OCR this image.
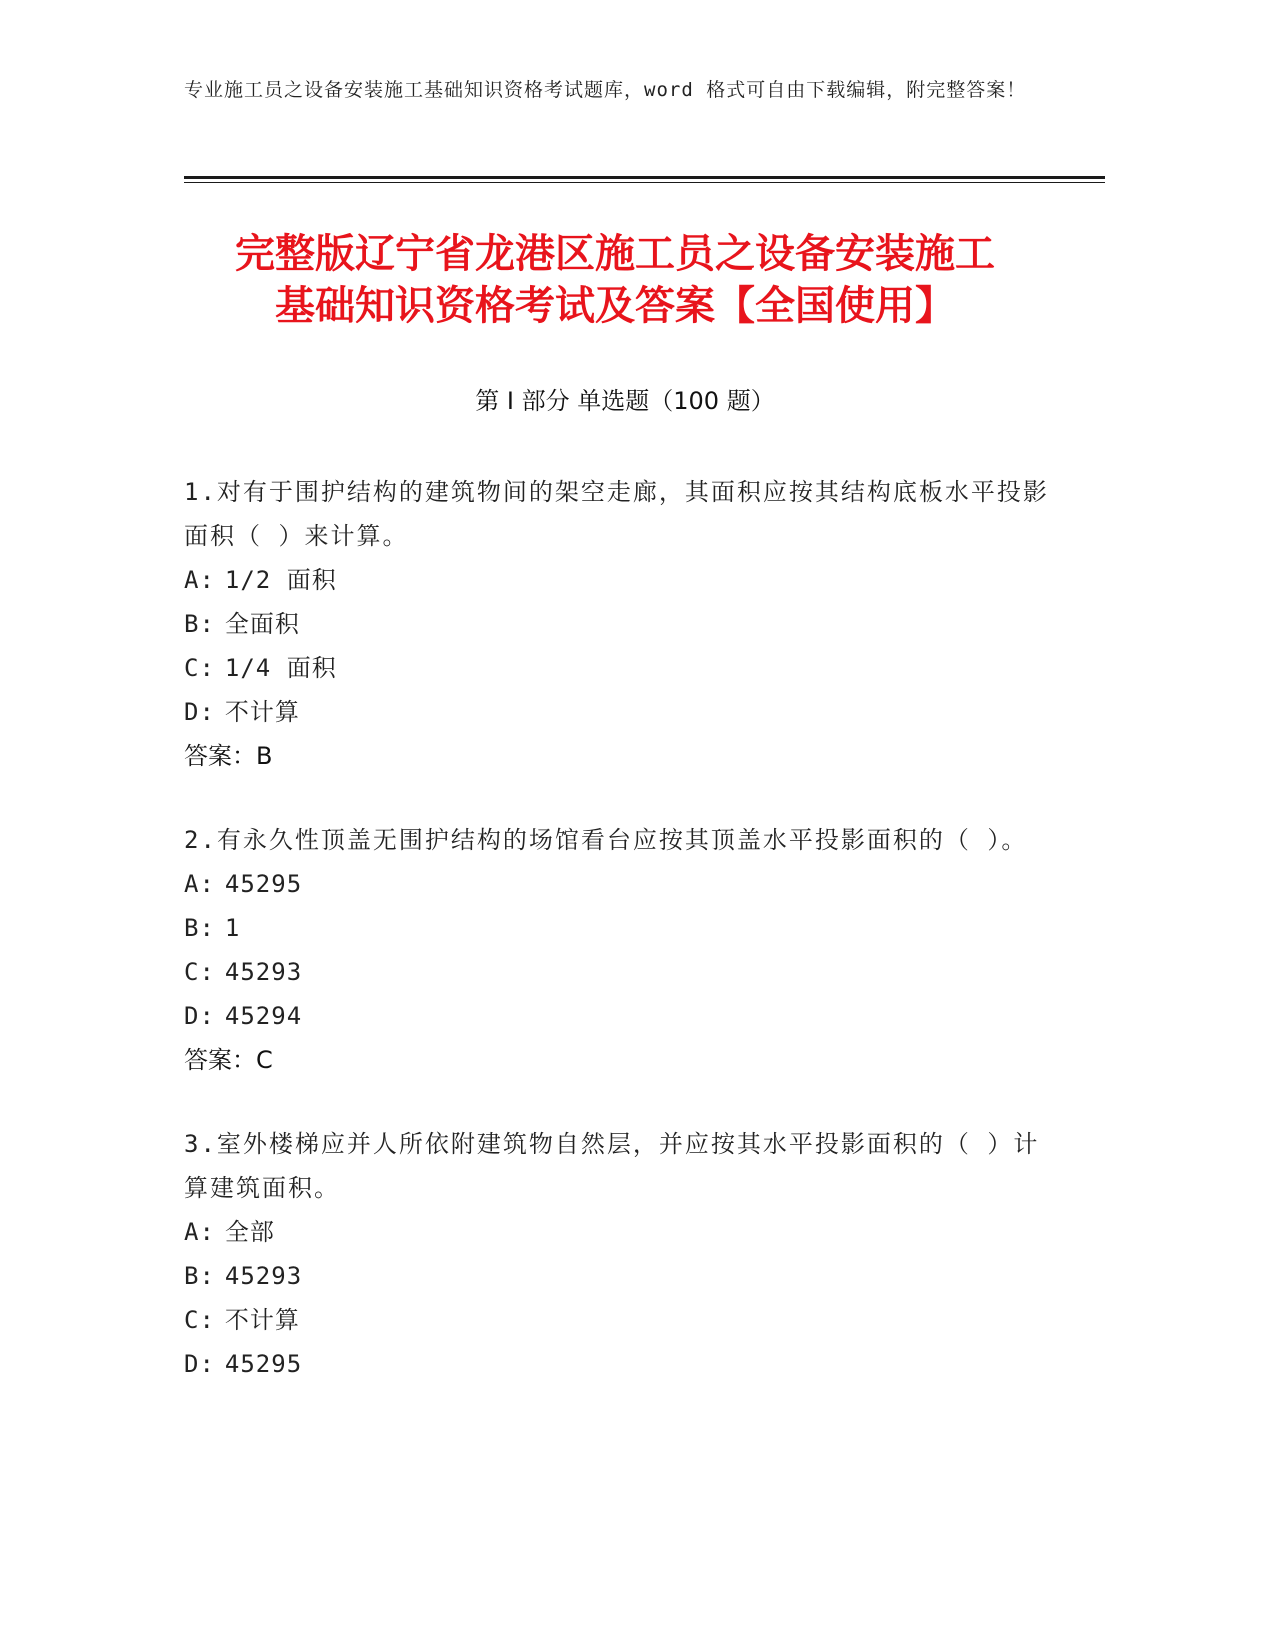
专业施工员之设备安装施工基础知识资格考试题库，word 格式可自由下载编辑，附完整答案！
完整版辽宁省龙港区施工员之设备安装施工
基础知识资格考试及答案【全国使用】
第 I 部分 单选题（100 题）
1.对有于围护结构的建筑物间的架空走廊，其面积应按其结构底板水平投影面积（ ）来计算。
A: 1/2 面积
B: 全面积
C: 1/4 面积
D: 不计算
答案：B
2.有永久性顶盖无围护结构的场馆看台应按其顶盖水平投影面积的（ ）。
A: 45295
B: 1
C: 45293
D: 45294
答案：C
3.室外楼梯应并人所依附建筑物自然层，并应按其水平投影面积的（ ）计算建筑面积。
A: 全部
B: 45293
C: 不计算
D: 45295
